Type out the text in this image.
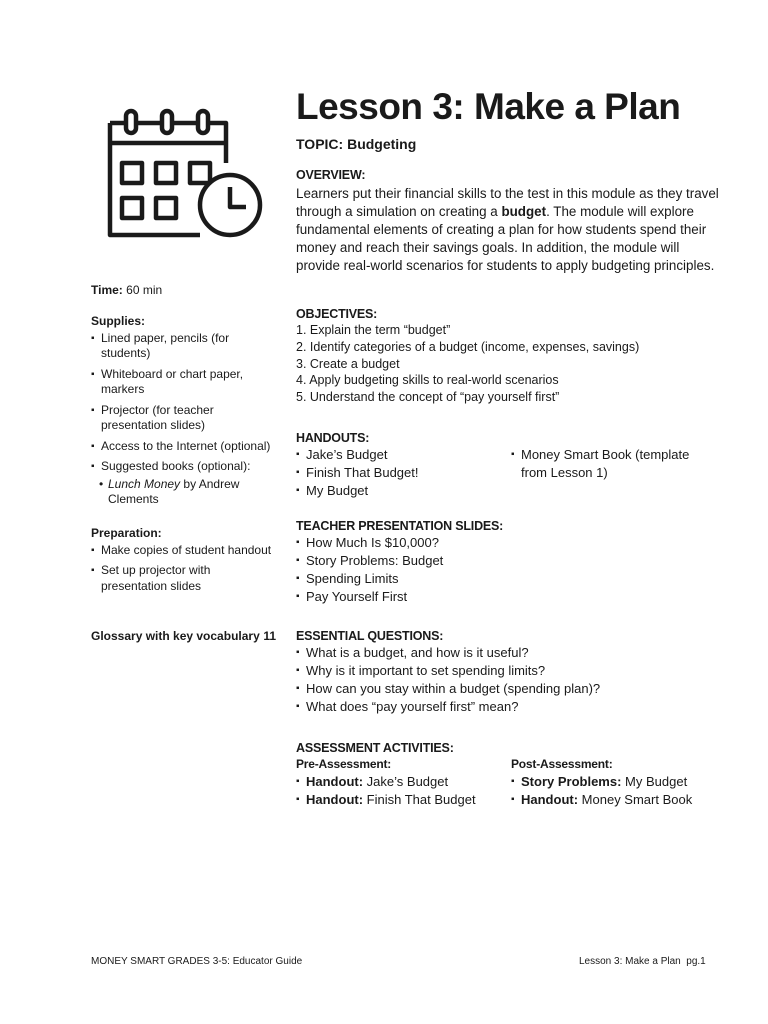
Lesson 3: Make a Plan
TOPIC: Budgeting
OVERVIEW:
Learners put their financial skills to the test in this module as they travel through a simulation on creating a budget. The module will explore fundamental elements of creating a plan for how students spend their money and reach their savings goals. In addition, the module will provide real-world scenarios for students to apply budgeting principles.
OBJECTIVES:
1. Explain the term “budget”
2. Identify categories of a budget (income, expenses, savings)
3. Create a budget
4. Apply budgeting skills to real-world scenarios
5. Understand the concept of “pay yourself first”
HANDOUTS:
▪ Jake’s Budget
▪ Finish That Budget!
▪ My Budget
▪ Money Smart Book (template from Lesson 1)
TEACHER PRESENTATION SLIDES:
▪ How Much Is $10,000?
▪ Story Problems: Budget
▪ Spending Limits
▪ Pay Yourself First
ESSENTIAL QUESTIONS:
▪ What is a budget, and how is it useful?
▪ Why is it important to set spending limits?
▪ How can you stay within a budget (spending plan)?
▪ What does “pay yourself first” mean?
ASSESSMENT ACTIVITIES:
Pre-Assessment:
▪ Handout: Jake’s Budget
▪ Handout: Finish That Budget
Post-Assessment:
▪ Story Problems: My Budget
▪ Handout: Money Smart Book
Time: 60 min
Supplies:
▪ Lined paper, pencils (for students)
▪ Whiteboard or chart paper, markers
▪ Projector (for teacher presentation slides)
▪ Access to the Internet (optional)
▪ Suggested books (optional):
• Lunch Money by Andrew Clements
Preparation:
▪ Make copies of student handout
▪ Set up projector with presentation slides
Glossary with key vocabulary 11
MONEY SMART GRADES 3-5: Educator Guide	Lesson 3: Make a Plan  pg.1
